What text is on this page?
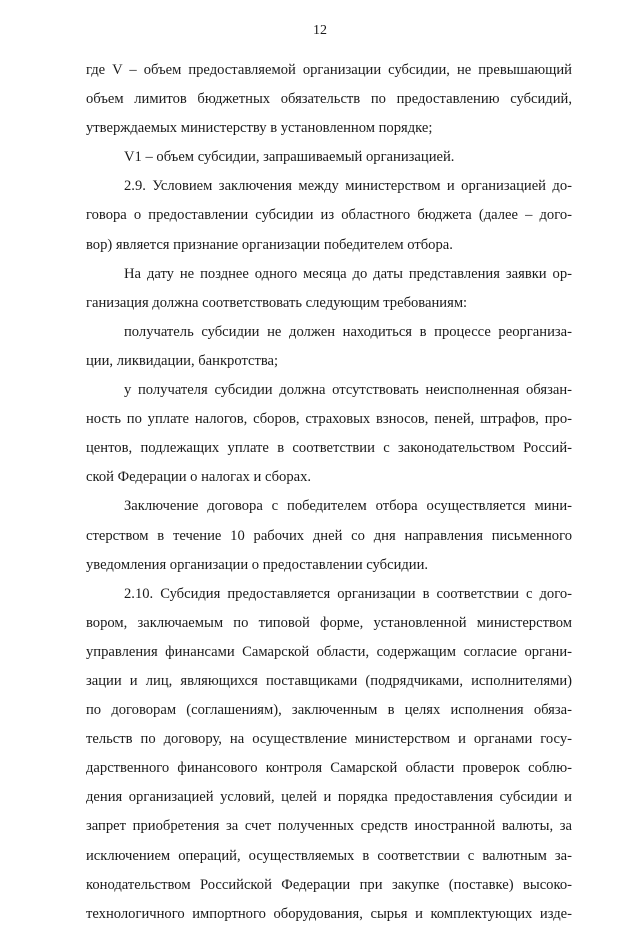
12
где V – объем предоставляемой организации субсидии, не превышающий
объем лимитов бюджетных обязательств по предоставлению субсидий,
утверждаемых министерству в установленном порядке;
V1 – объем субсидии, запрашиваемый организацией.
2.9. Условием заключения между министерством и организацией до-
говора о предоставлении субсидии из областного бюджета (далее – дого-
вор) является признание организации победителем отбора.
На дату не позднее одного месяца до даты представления заявки ор-
ганизация должна соответствовать следующим требованиям:
получатель субсидии не должен находиться в процессе реорганиза-
ции, ликвидации, банкротства;
у получателя субсидии должна отсутствовать неисполненная обязан-
ность по уплате налогов, сборов, страховых взносов, пеней, штрафов, про-
центов, подлежащих уплате в соответствии с законодательством Россий-
ской Федерации о налогах и сборах.
Заключение договора с победителем отбора осуществляется мини-
стерством в течение 10 рабочих дней со дня направления письменного
уведомления организации о предоставлении субсидии.
2.10. Субсидия предоставляется организации в соответствии с дого-
вором, заключаемым по типовой форме, установленной министерством
управления финансами Самарской области, содержащим согласие органи-
зации и лиц, являющихся поставщиками (подрядчиками, исполнителями)
по договорам (соглашениям), заключенным в целях исполнения обяза-
тельств по договору, на осуществление министерством и органами госу-
дарственного финансового контроля Самарской области проверок соблю-
дения организацией условий, целей и порядка предоставления субсидии и
запрет приобретения за счет полученных средств иностранной валюты, за
исключением операций, осуществляемых в соответствии с валютным за-
конодательством Российской Федерации при закупке (поставке) высоко-
технологичного импортного оборудования, сырья и комплектующих изде-
